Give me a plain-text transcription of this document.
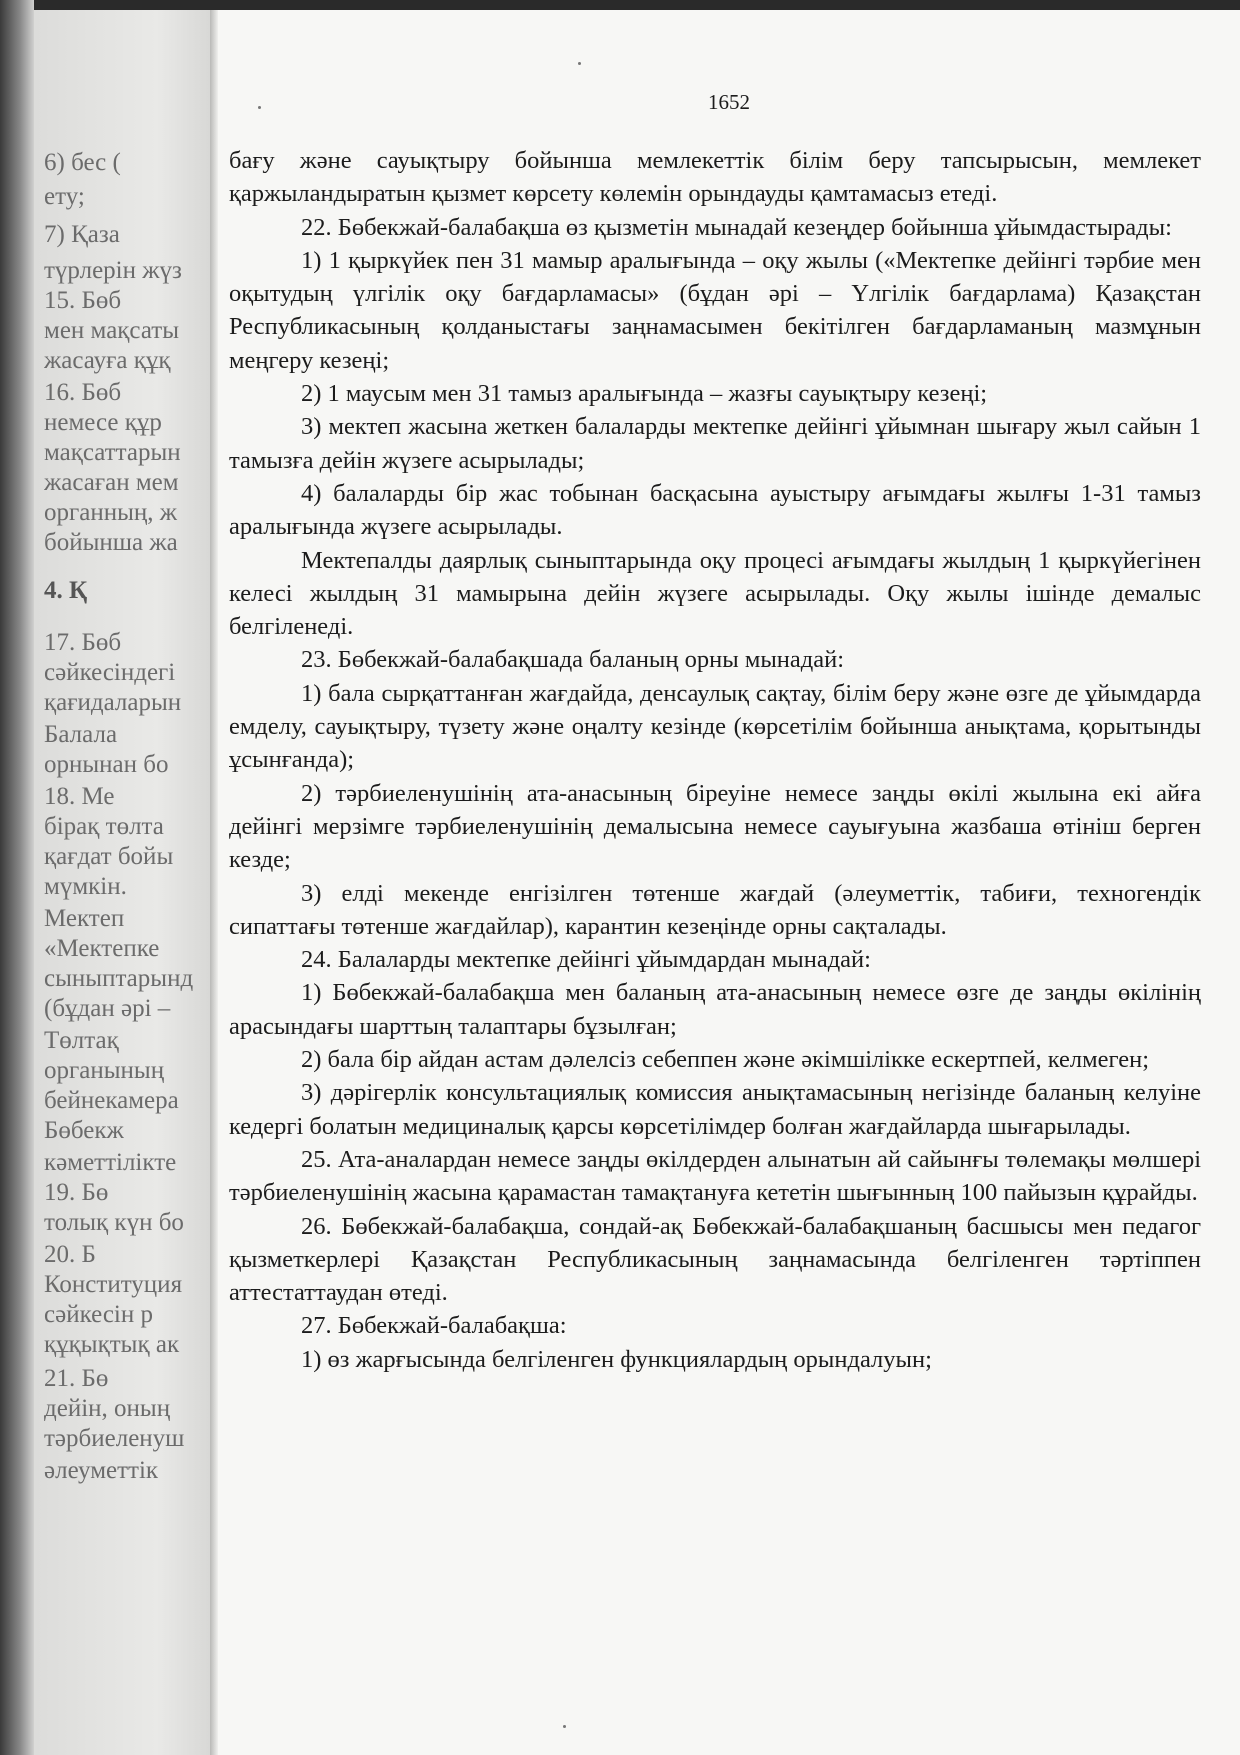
6) бес (
ету;
7) Қаза
түрлерін жүз
15. Бөб
мен мақсаты
жасауға құқ
16. Бөб
немесе құр
мақсаттарын
жасаған мем
органның, ж
бойынша жа
4. Қ
17. Бөб
сәйкесіндегі
қағидаларын
Балала
орнынан бо
18. Ме
бірақ төлта
қағдат бойы
мүмкін.
Мектеп
«Мектепке
сыныптарынд
(бұдан әрі –
Төлтақ
органының
бейнекамера
Бөбекж
кәметтілікте
19. Бө
толық күн бо
20. Б
Конституция
сәйкесін р
құқықтық ак
21. Бө
дейін, оның
тәрбиеленуш
әлеуметтік
1652

бағу және сауықтыру бойынша мемлекеттік білім беру тапсырысын, мемлекет қаржыландыратын қызмет көрсету көлемін орындауды қамтамасыз етеді.

22. Бөбекжай-балабақша өз қызметін мынадай кезеңдер бойынша ұйымдастырады:

1) 1 қыркүйек пен 31 мамыр аралығында – оқу жылы («Мектепке дейінгі тәрбие мен оқытудың үлгілік оқу бағдарламасы» (бұдан әрі – Үлгілік бағдарлама) Қазақстан Республикасының қолданыстағы заңнамасымен бекітілген бағдарламаның мазмұнын меңгеру кезеңі;

2) 1 маусым мен 31 тамыз аралығында – жазғы сауықтыру кезеңі;

3) мектеп жасына жеткен балаларды мектепке дейінгі ұйымнан шығару жыл сайын 1 тамызға дейін жүзеге асырылады;

4) балаларды бір жас тобынан басқасына ауыстыру ағымдағы жылғы 1-31 тамыз аралығында жүзеге асырылады.

Мектепалды даярлық сыныптарында оқу процесі ағымдағы жылдың 1 қыркүйегінен келесі жылдың 31 мамырына дейін жүзеге асырылады. Оқу жылы ішінде демалыс белгіленеді.

23. Бөбекжай-балабақшада баланың орны мынадай:

1) бала сырқаттанған жағдайда, денсаулық сақтау, білім беру және өзге де ұйымдарда емделу, сауықтыру, түзету және оңалту кезінде (көрсетілім бойынша анықтама, қорытынды ұсынғанда);

2) тәрбиеленушінің ата-анасының біреуіне немесе заңды өкілі жылына екі айға дейінгі мерзімге тәрбиеленушінің демалысына немесе сауығуына жазбаша өтініш берген кезде;

3) елді мекенде енгізілген төтенше жағдай (әлеуметтік, табиғи, техногендік сипаттағы төтенше жағдайлар), карантин кезеңінде орны сақталады.

24. Балаларды мектепке дейінгі ұйымдардан мынадай:

1) Бөбекжай-балабақша мен баланың ата-анасының немесе өзге де заңды өкілінің арасындағы шарттың талаптары бұзылған;

2) бала бір айдан астам дәлелсіз себеппен және әкімшілікке ескертпей, келмеген;

3) дәрігерлік консультациялық комиссия анықтамасының негізінде баланың келуіне кедергі болатын медициналық қарсы көрсетілімдер болған жағдайларда шығарылады.

25. Ата-аналардан немесе заңды өкілдерден алынатын ай сайынғы төлемақы мөлшері тәрбиеленушінің жасына қарамастан тамақтануға кететін шығынның 100 пайызын құрайды.

26. Бөбекжай-балабақша, сондай-ақ Бөбекжай-балабақшаның басшысы мен педагог қызметкерлері Қазақстан Республикасының заңнамасында белгіленген тәртіппен аттестаттаудан өтеді.

27. Бөбекжай-балабақша:

1) өз жарғысында белгіленген функциялардың орындалуын;
